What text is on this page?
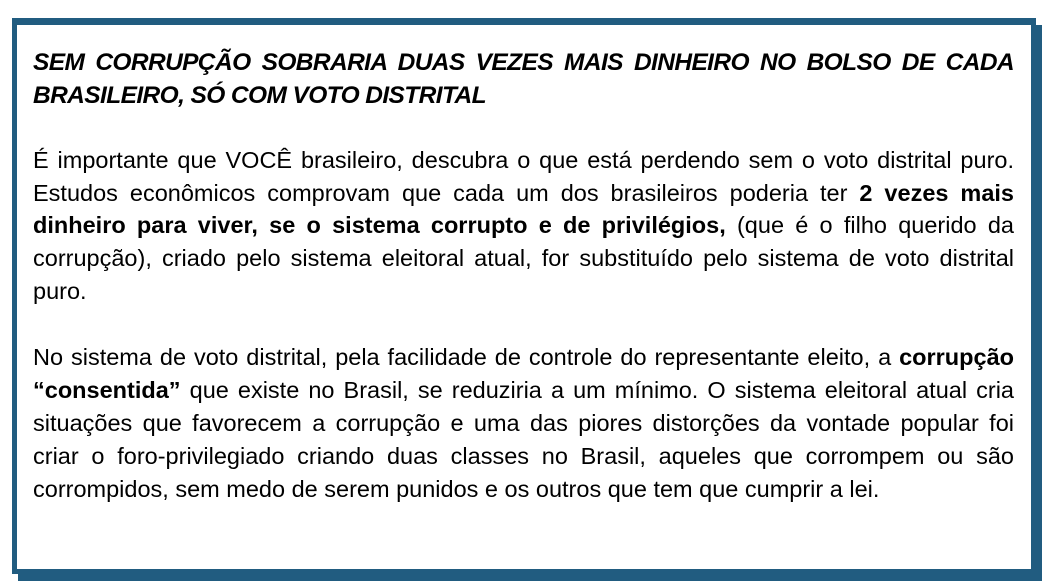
SEM CORRUPÇÃO SOBRARIA DUAS VEZES MAIS DINHEIRO NO BOLSO DE CADA BRASILEIRO, SÓ COM VOTO DISTRITAL

É importante que VOCÊ brasileiro, descubra o que está perdendo sem o voto distrital puro. Estudos econômicos comprovam que cada um dos brasileiros poderia ter 2 vezes mais dinheiro para viver, se o sistema corrupto e de privilégios, (que é o filho querido da corrupção), criado pelo sistema eleitoral atual, for substituído pelo sistema de voto distrital puro.

No sistema de voto distrital, pela facilidade de controle do representante eleito, a corrupção “consentida” que existe no Brasil, se reduziria a um mínimo. O sistema eleitoral atual cria situações que favorecem a corrupção e uma das piores distorções da vontade popular foi criar o foro-privilegiado criando duas classes no Brasil, aqueles que corrompem ou são corrompidos, sem medo de serem punidos e os outros que tem que cumprir a lei.
